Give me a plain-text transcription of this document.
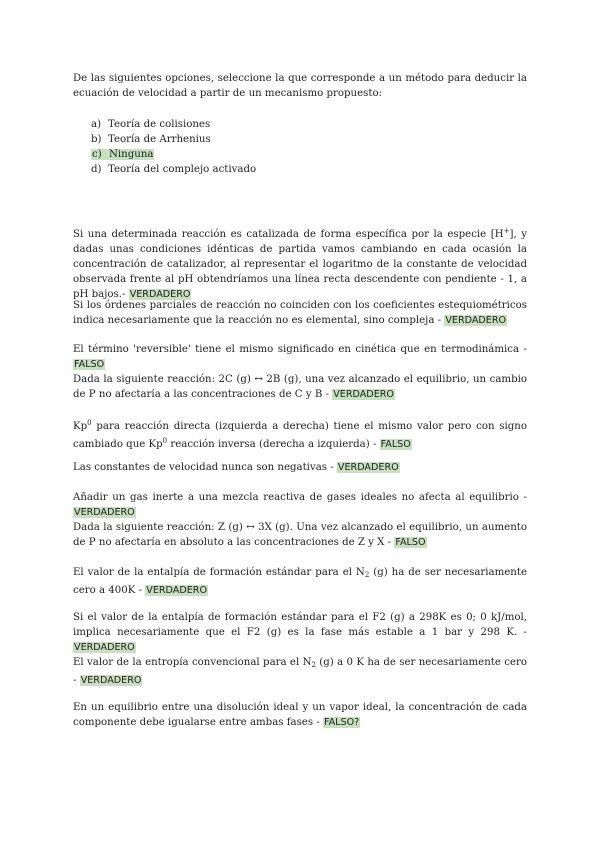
De las siguientes opciones, seleccione la que corresponde a un método para deducir la ecuación de velocidad a partir de un mecanismo propuesto:

a) Teoría de colisiones
b) Teoría de Arrhenius
c) Ninguna
d) Teoría del complejo activado

Si una determinada reacción es catalizada de forma específica por la especie [H+], y dadas unas condiciones idénticas de partida vamos cambiando en cada ocasión la concentración de catalizador, al representar el logaritmo de la constante de velocidad observada frente al pH obtendríamos una línea recta descendente con pendiente - 1, a pH bajos.- VERDADERO

Si los órdenes parciales de reacción no coinciden con los coeficientes estequiométricos indica necesariamente que la reacción no es elemental, sino compleja - VERDADERO

El término 'reversible' tiene el mismo significado en cinética que en termodinámica - FALSO

Dada la siguiente reacción: 2C (g) ↔ 2B (g), una vez alcanzado el equilibrio, un cambio de P no afectaría a las concentraciones de C y B - VERDADERO

Kp$^0$ para reacción directa (izquierda a derecha) tiene el mismo valor pero con signo cambiado que Kp$^0$ reacción inversa (derecha a izquierda) - FALSO

Las constantes de velocidad nunca son negativas - VERDADERO

Añadir un gas inerte a una mezcla reactiva de gases ideales no afecta al equilibrio - VERDADERO

Dada la siguiente reacción: Z (g) ↔ 3X (g). Una vez alcanzado el equilibrio, un aumento de P no afectaría en absoluto a las concentraciones de Z y X - FALSO

El valor de la entalpía de formación estándar para el $N_2$ (g) ha de ser necesariamente cero a 400K - VERDADERO

Si el valor de la entalpía de formación estándar para el F2 (g) a 298K es 0; 0 kJ/mol, implica necesariamente que el F2 (g) es la fase más estable a 1 bar y 298 K. - VERDADERO

El valor de la entropía convencional para el $N_2$ (g) a 0 K ha de ser necesariamente cero - VERDADERO

En un equilibrio entre una disolución ideal y un vapor ideal, la concentración de cada componente debe igualarse entre ambas fases - FALSO?
